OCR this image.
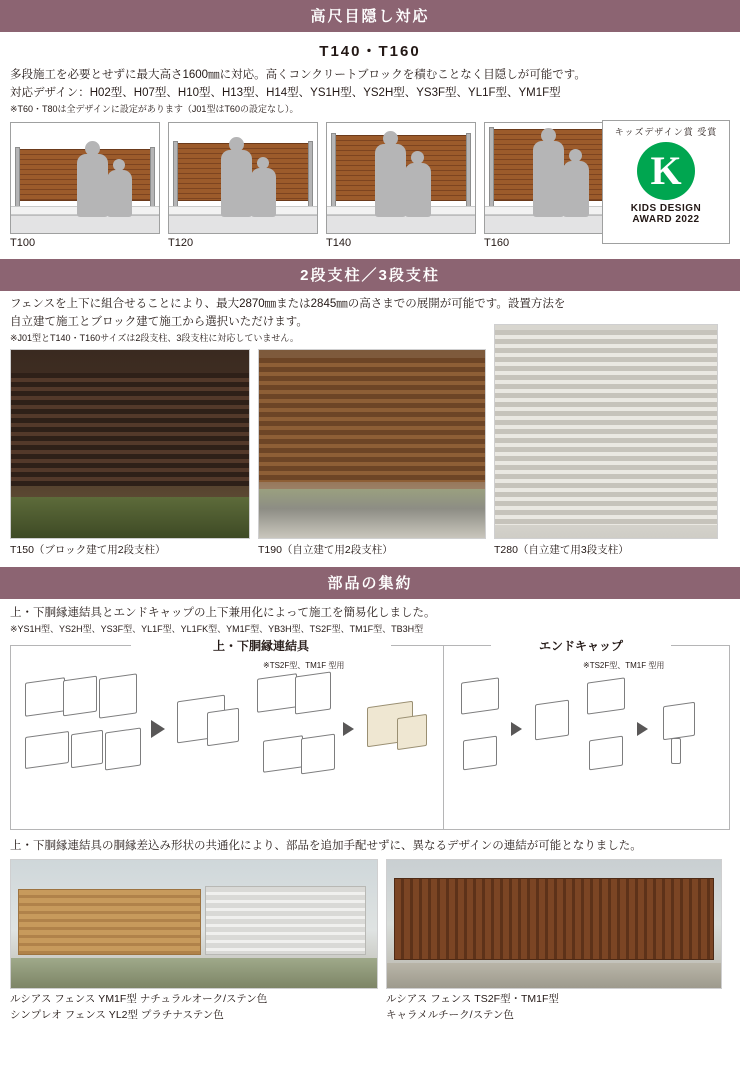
高尺目隠し対応
T140・T160
多段施工を必要とせずに最大高さ1600㎜に対応。高くコンクリートブロックを積むことなく目隠しが可能です。
対応デザイン：H02型、H07型、H10型、H13型、H14型、YS1H型、YS2H型、YS3F型、YL1F型、YM1F型
※T60・T80は全デザインに設定があります（J01型はT60の設定なし）。
T100	T120	T140	T160
キッズデザイン賞 受賞
K
KIDS DESIGN
AWARD 2022
2段支柱／3段支柱
フェンスを上下に組合せることにより、最大2870㎜または2845㎜の高さまでの展開が可能です。設置方法を
自立建て施工とブロック建て施工から選択いただけます。
※J01型とT140・T160サイズは2段支柱、3段支柱に対応していません。
T150（ブロック建て用2段支柱）	T190（自立建て用2段支柱）	T280（自立建て用3段支柱）
部品の集約
上・下胴縁連結具とエンドキャップの上下兼用化によって施工を簡易化しました。
※YS1H型、YS2H型、YS3F型、YL1F型、YL1FK型、YM1F型、YB3H型、TS2F型、TM1F型、TB3H型
上・下胴縁連結具	エンドキャップ
※TS2F型、TM1F 型用	※TS2F型、TM1F 型用
上・下胴縁連結具の胴縁差込み形状の共通化により、部品を追加手配せずに、異なるデザインの連結が可能となりました。
ルシアス フェンス YM1F型 ナチュラルオーク/ステン色
シンプレオ フェンス YL2型 プラチナステン色
ルシアス フェンス TS2F型・TM1F型
キャラメルチーク/ステン色
